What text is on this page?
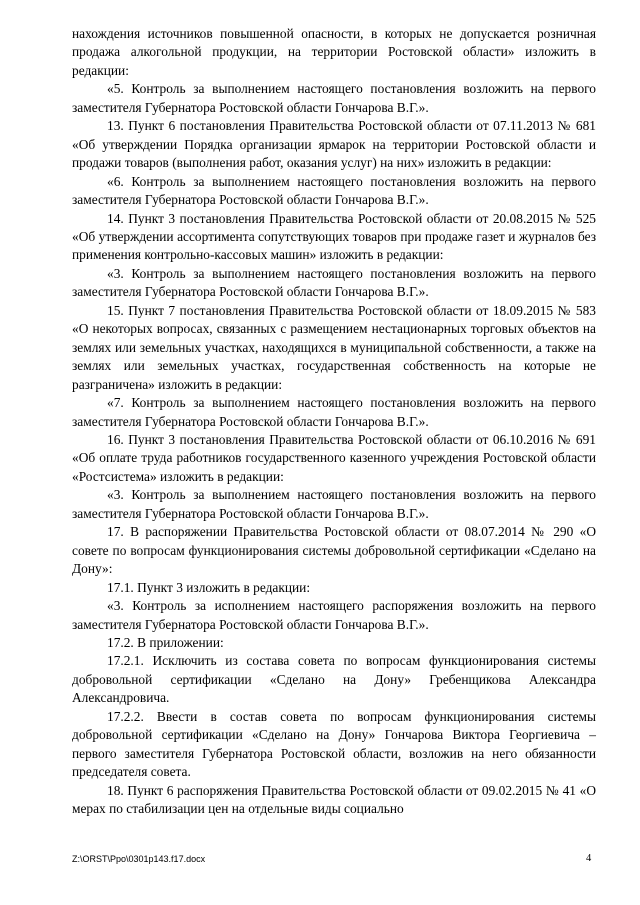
нахождения источников повышенной опасности, в которых не допускается розничная продажа алкогольной продукции, на территории Ростовской области» изложить в редакции:

«5. Контроль за выполнением настоящего постановления возложить на первого заместителя Губернатора Ростовской области Гончарова В.Г.».

13. Пункт 6 постановления Правительства Ростовской области от 07.11.2013 № 681 «Об утверждении Порядка организации ярмарок на территории Ростовской области и продажи товаров (выполнения работ, оказания услуг) на них» изложить в редакции:

«6. Контроль за выполнением настоящего постановления возложить на первого заместителя Губернатора Ростовской области Гончарова В.Г.».

14. Пункт 3 постановления Правительства Ростовской области от 20.08.2015 № 525 «Об утверждении ассортимента сопутствующих товаров при продаже газет и журналов без применения контрольно-кассовых машин» изложить в редакции:

«3. Контроль за выполнением настоящего постановления возложить на первого заместителя Губернатора Ростовской области Гончарова В.Г.».

15. Пункт 7 постановления Правительства Ростовской области от 18.09.2015 № 583 «О некоторых вопросах, связанных с размещением нестационарных торговых объектов на землях или земельных участках, находящихся в муниципальной собственности, а также на землях или земельных участках, государственная собственность на которые не разграничена» изложить в редакции:

«7. Контроль за выполнением настоящего постановления возложить на первого заместителя Губернатора Ростовской области Гончарова В.Г.».

16. Пункт 3 постановления Правительства Ростовской области от 06.10.2016 № 691 «Об оплате труда работников государственного казенного учреждения Ростовской области «Ростсистема» изложить в редакции:

«3. Контроль за выполнением настоящего постановления возложить на первого заместителя Губернатора Ростовской области Гончарова В.Г.».

17. В распоряжении Правительства Ростовской области от 08.07.2014 № 290 «О совете по вопросам функционирования системы добровольной сертификации «Сделано на Дону»:

17.1. Пункт 3 изложить в редакции:

«3. Контроль за исполнением настоящего распоряжения возложить на первого заместителя Губернатора Ростовской области Гончарова В.Г.».

17.2. В приложении:

17.2.1. Исключить из состава совета по вопросам функционирования системы добровольной сертификации «Сделано на Дону» Гребенщикова Александра Александровича.

17.2.2. Ввести в состав совета по вопросам функционирования системы добровольной сертификации «Сделано на Дону» Гончарова Виктора Георгиевича – первого заместителя Губернатора Ростовской области, возложив на него обязанности председателя совета.

18. Пункт 6 распоряжения Правительства Ростовской области от 09.02.2015 № 41 «О мерах по стабилизации цен на отдельные виды социально

Z:\ORST\Ppo\0301p143.f17.docx	4
